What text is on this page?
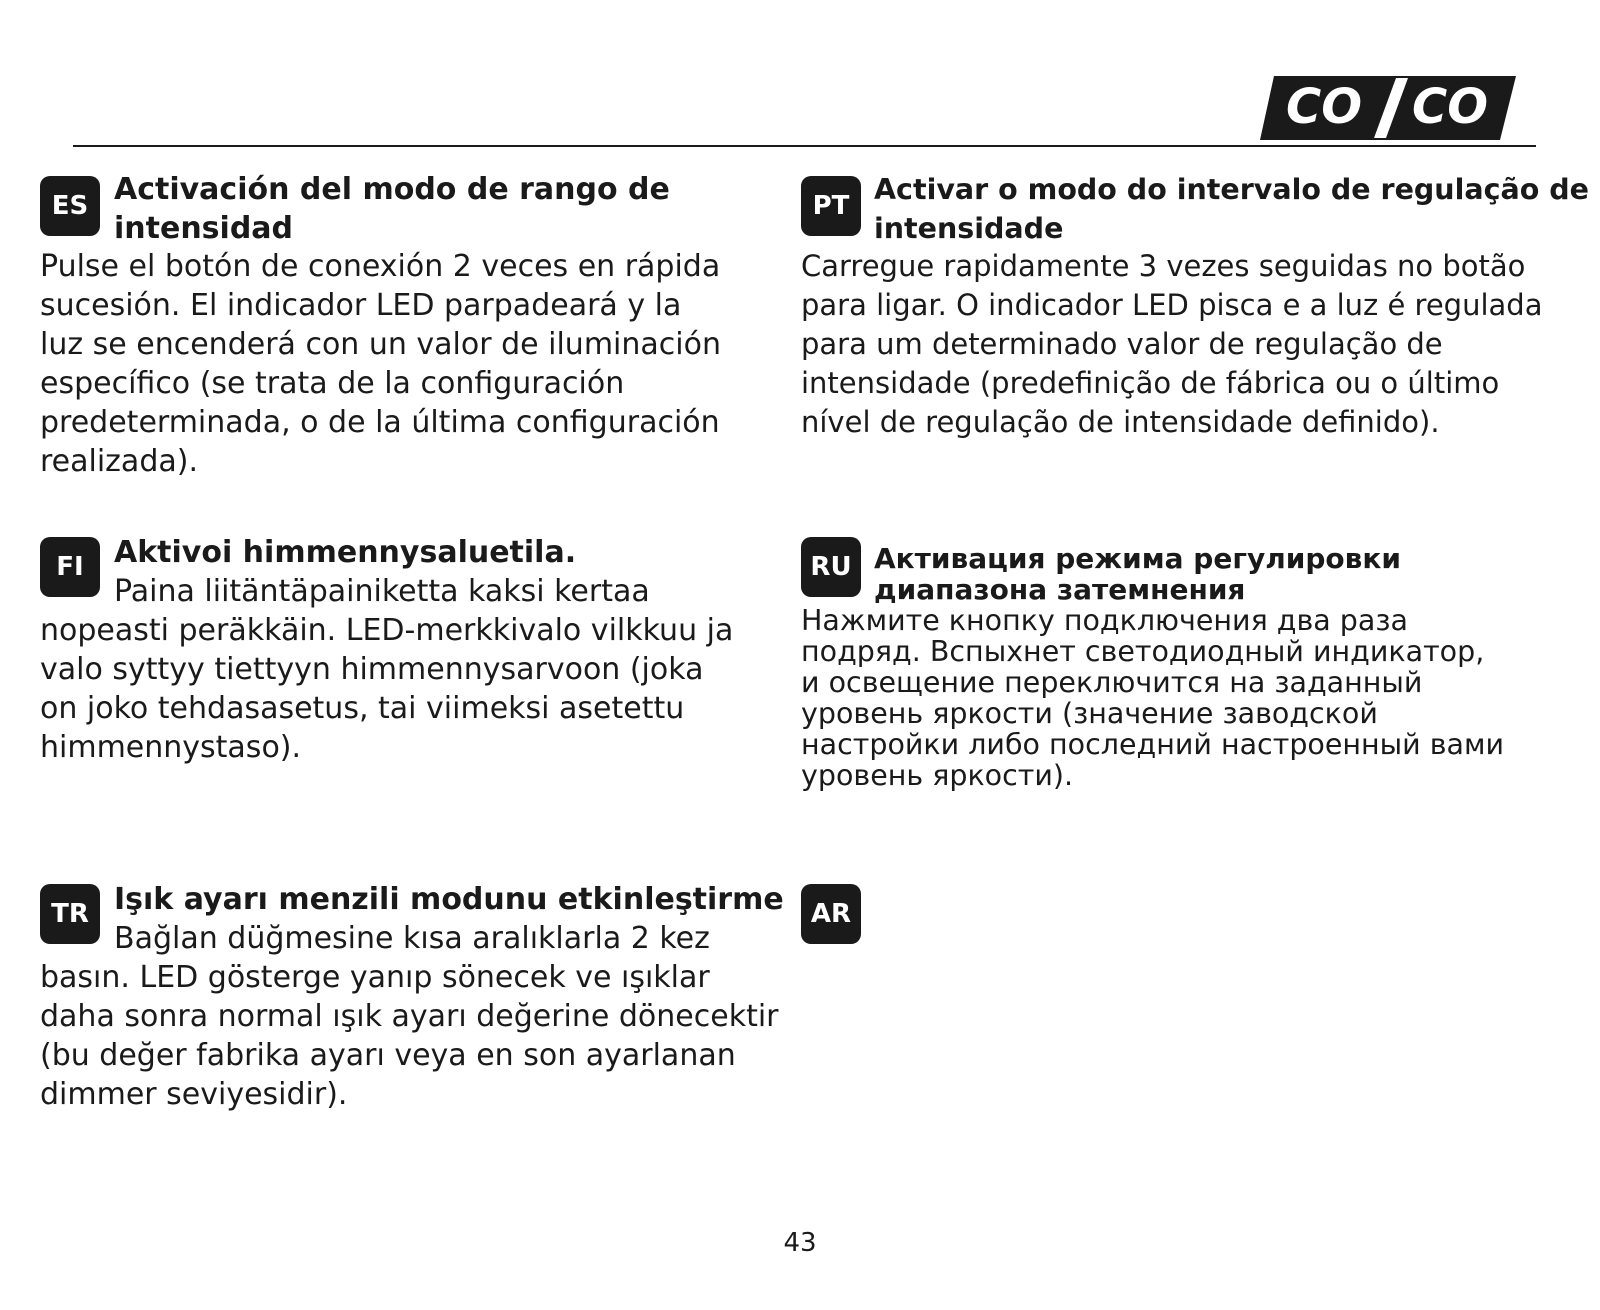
CO CO
ES Activación del modo de rango de
intensidad
Pulse el botón de conexión 2 veces en rápida
sucesión. El indicador LED parpadeará y la
luz se encenderá con un valor de iluminación
específico (se trata de la configuración
predeterminada, o de la última configuración
realizada).
PT Activar o modo do intervalo de regulação de
intensidade
Carregue rapidamente 3 vezes seguidas no botão
para ligar. O indicador LED pisca e a luz é regulada
para um determinado valor de regulação de
intensidade (predefinição de fábrica ou o último
nível de regulação de intensidade definido).
FI	Aktivoi himmennysaluetila.
Paina liitäntäpainiketta kaksi kertaa
nopeasti peräkkäin. LED-merkkivalo vilkkuu ja
valo syttyy tiettyyn himmennysarvoon (joka
on joko tehdasasetus, tai viimeksi asetettu
himmennystaso).
RU Активация режима регулировки
диапазона затемнения
Нажмите кнопку подключения два раза
подряд. Вспыхнет светодиодный индикатор,
и освещение переключится на заданный
уровень яркости (значение заводской
настройки либо последний настроенный вами
уровень яркости).
TR Işık ayarı menzili modunu etkinleştirme
Bağlan düğmesine kısa aralıklarla 2 kez
basın. LED gösterge yanıp sönecek ve ışıklar
daha sonra normal ışık ayarı değerine dönecektir
(bu değer fabrika ayarı veya en son ayarlanan
dimmer seviyesidir).
AR
43
